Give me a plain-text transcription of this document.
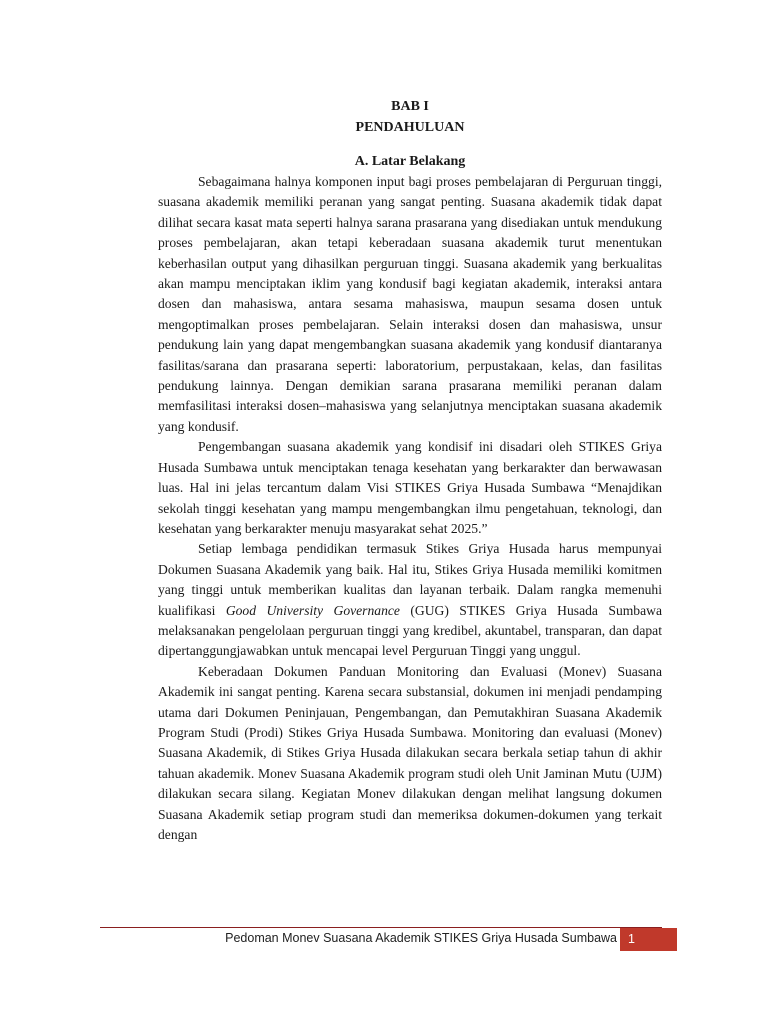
BAB I
PENDAHULUAN
A. Latar Belakang

Sebagaimana halnya komponen input bagi proses pembelajaran di Perguruan tinggi, suasana akademik memiliki peranan yang sangat penting. Suasana akademik tidak dapat dilihat secara kasat mata seperti halnya sarana prasarana yang disediakan untuk mendukung proses pembelajaran, akan tetapi keberadaan suasana akademik turut menentukan keberhasilan output yang dihasilkan perguruan tinggi. Suasana akademik yang berkualitas akan mampu menciptakan iklim yang kondusif bagi kegiatan akademik, interaksi antara dosen dan mahasiswa, antara sesama mahasiswa, maupun sesama dosen untuk mengoptimalkan proses pembelajaran. Selain interaksi dosen dan mahasiswa, unsur pendukung lain yang dapat mengembangkan suasana akademik yang kondusif diantaranya fasilitas/sarana dan prasarana seperti: laboratorium, perpustakaan, kelas, dan fasilitas pendukung lainnya. Dengan demikian sarana prasarana memiliki peranan dalam memfasilitasi interaksi dosen–mahasiswa yang selanjutnya menciptakan suasana akademik yang kondusif.

Pengembangan suasana akademik yang kondisif ini disadari oleh STIKES Griya Husada Sumbawa untuk menciptakan tenaga kesehatan yang berkarakter dan berwawasan luas. Hal ini jelas tercantum dalam Visi STIKES Griya Husada Sumbawa “Menajdikan sekolah tinggi kesehatan yang mampu mengembangkan ilmu pengetahuan, teknologi, dan kesehatan yang berkarakter menuju masyarakat sehat 2025.”

Setiap lembaga pendidikan termasuk Stikes Griya Husada harus mempunyai Dokumen Suasana Akademik yang baik. Hal itu, Stikes Griya Husada memiliki komitmen yang tinggi untuk memberikan kualitas dan layanan terbaik. Dalam rangka memenuhi kualifikasi Good University Governance (GUG) STIKES Griya Husada Sumbawa melaksanakan pengelolaan perguruan tinggi yang kredibel, akuntabel, transparan, dan dapat dipertanggungjawabkan untuk mencapai level Perguruan Tinggi yang unggul.

Keberadaan Dokumen Panduan Monitoring dan Evaluasi (Monev) Suasana Akademik ini sangat penting. Karena secara substansial, dokumen ini menjadi pendamping utama dari Dokumen Peninjauan, Pengembangan, dan Pemutakhiran Suasana Akademik Program Studi (Prodi) Stikes Griya Husada Sumbawa. Monitoring dan evaluasi (Monev) Suasana Akademik, di Stikes Griya Husada dilakukan secara berkala setiap tahun di akhir tahuan akademik. Monev Suasana Akademik program studi oleh Unit Jaminan Mutu (UJM) dilakukan secara silang. Kegiatan Monev dilakukan dengan melihat langsung dokumen Suasana Akademik setiap program studi dan memeriksa dokumen-dokumen yang terkait dengan

Pedoman Monev Suasana Akademik STIKES Griya Husada Sumbawa 1
